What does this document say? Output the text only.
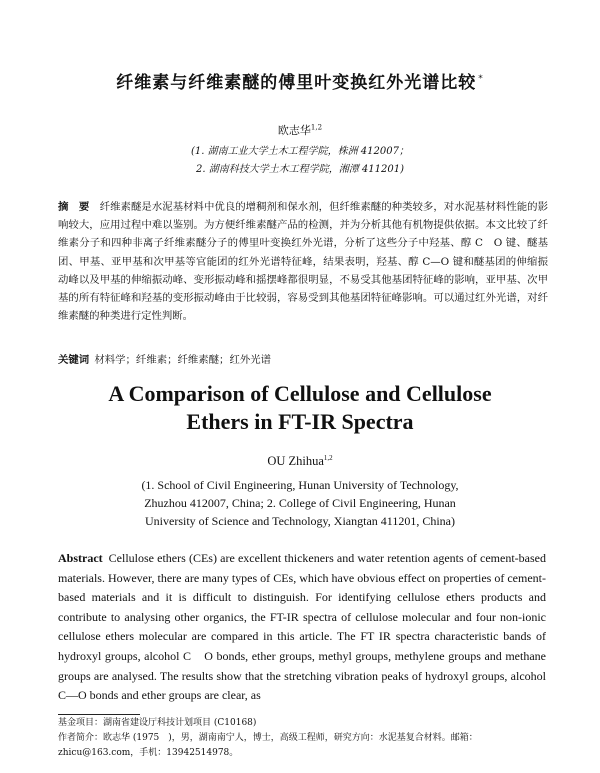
纤维素与纤维素醚的傅里叶变换红外光谱比较 *
欧志华$^{1,2}$
(1. 湖南工业大学土木工程学院，株洲 412007；
2. 湖南科技大学土木工程学院，湘潭 411201)
摘　要  纤维素醚是水泥基材料中优良的增稠剂和保水剂，但纤维素醚的种类较多，对水泥基材料性能的影响较大，应用过程中难以鉴别。为方便纤维素醚产品的检测，并为分析其他有机物提供依据。本文比较了纤维素分子和四种非离子纤维素醚分子的傅里叶变换红外光谱，分析了这些分子中羟基、醇 C　O 键、醚基团、甲基、亚甲基和次甲基等官能团的红外光谱特征峰，结果表明，羟基、醇 C—O 键和醚基团的伸缩振动峰以及甲基的伸缩振动峰、变形振动峰和摇摆峰都很明显，不易受其他基团特征峰的影响，亚甲基、次甲基的所有特征峰和羟基的变形振动峰由于比较弱，容易受到其他基团特征峰影响。可以通过红外光谱，对纤维素醚的种类进行定性判断。
关键词  材料学；纤维素；纤维素醚；红外光谱
A Comparison of Cellulose and Cellulose
Ethers in FT-IR Spectra
OU Zhihua$^{1,2}$
(1. School of Civil Engineering, Hunan University of Technology,
Zhuzhou 412007, China; 2. College of Civil Engineering, Hunan
University of Science and Technology, Xiangtan 411201, China)
Abstract  Cellulose ethers (CEs) are excellent thickeners and water retention agents of cement-based materials. However, there are many types of CEs, which have obvious effect on properties of cement-based materials and it is difficult to distinguish. For identifying cellulose ethers products and contribute to analysing other organics, the FT-IR spectra of cellulose molecular and four non-ionic cellulose ethers molecular are compared in this article. The FT IR spectra characteristic bands of hydroxyl groups, alcohol C　O bonds, ether groups, methyl groups, methylene groups and methane groups are analysed. The results show that the stretching vibration peaks of hydroxyl groups, alcohol C—O bonds and ether groups are clear, as
基金项目：湖南省建设厅科技计划项目 (C10168)
作者简介：欧志华 (1975　)，男，湖南南宁人，博士，高级工程师，研究方向：水泥基复合材料。邮箱：zhicu@163.com，手机：13942514978。
